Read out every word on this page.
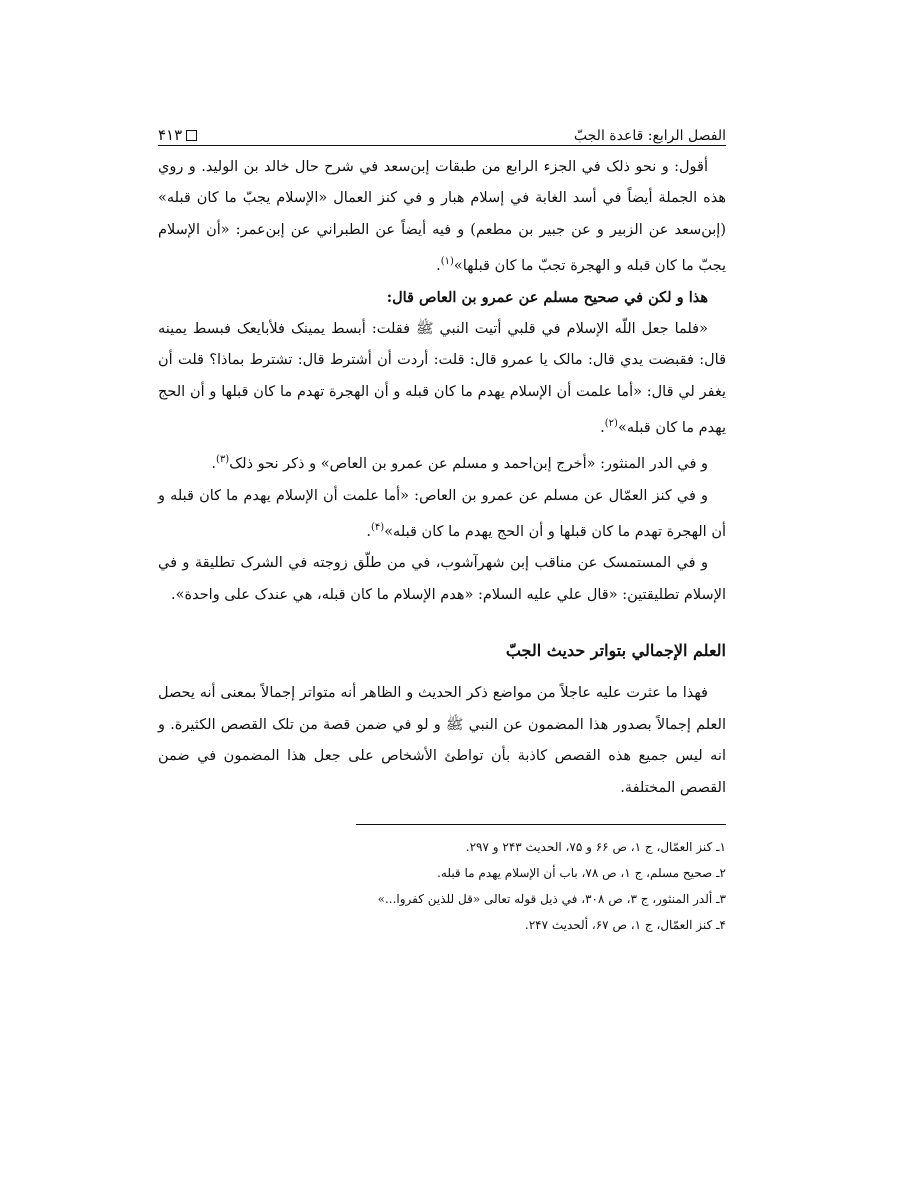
الفصل الرابع: قاعدة الجبّ
۴۱۳

أقول: و نحو ذلک في الجزء الرابع من طبقات إبن‌سعد في شرح حال خالد بن الوليد. و روي هذه الجملة أيضاً في أسد الغابة في إسلام هبار و في کنز العمال «الإسلام يجبّ ما کان قبله» (إبن‌سعد عن الزبير و عن جبير بن مطعم) و فيه أيضاً عن الطبراني عن إبن‌عمر: «أن الإسلام يجبّ ما کان قبله و الهجرة تجبّ ما کان قبلها»$^{(۱)}$.

هذا و لکن في صحيح مسلم عن عمرو بن العاص قال:

«فلما جعل اللّه الإسلام في قلبي أتيت النبي ﷺ فقلت: أبسط يمينک فلأبايعک فبسط يمينه قال: فقبضت يدي قال: مالک يا عمرو قال: قلت: أردت أن أشترط قال: تشترط بماذا؟ قلت أن يغفر لي قال: «أما علمت أن الإسلام يهدم ما کان قبله و أن الهجرة تهدم ما کان قبلها و أن الحج يهدم ما کان قبله»$^{(۲)}$.

و في الدر المنثور: «أخرج إبن‌احمد و مسلم عن عمرو بن العاص» و ذکر نحو ذلک$^{(۳)}$.

و في کنز العمّال عن مسلم عن عمرو بن العاص: «أما علمت أن الإسلام يهدم ما کان قبله و أن الهجرة تهدم ما کان قبلها و أن الحج يهدم ما کان قبله»$^{(۴)}$.

و في المستمسک عن مناقب إبن شهرآشوب، في من طلّق زوجته في الشرک تطليقة و في الإسلام تطليقتين: «قال علي عليه السلام: «هدم الإسلام ما کان قبله، هي عندک على واحدة».

العلم الإجمالي بتواتر حديث الجبّ

فهذا ما عثرت عليه عاجلاً من مواضع ذکر الحديث و الظاهر أنه متواتر إجمالاً بمعنى أنه يحصل العلم إجمالاً بصدور هذا المضمون عن النبي ﷺ و لو في ضمن قصة من تلک القصص الکثيرة. و انه ليس جميع هذه القصص کاذبة بأن تواطئ الأشخاص على جعل هذا المضمون في ضمن القصص المختلفة.

۱ـ کنز العمّال، ج ۱، ص ۶۶ و ۷۵، الحديث ۲۴۳ و ۲۹۷.

۲ـ صحيح مسلم، ج ۱، ص ۷۸، باب أن الإسلام يهدم ما قبله.

۳ـ ألدر المنثور، ج ۳، ص ۳۰۸، في ذيل قوله تعالى «قل للذين کفروا...»

۴ـ کنز العمّال، ج ۱، ص ۶۷، ألحديث ۲۴۷.
